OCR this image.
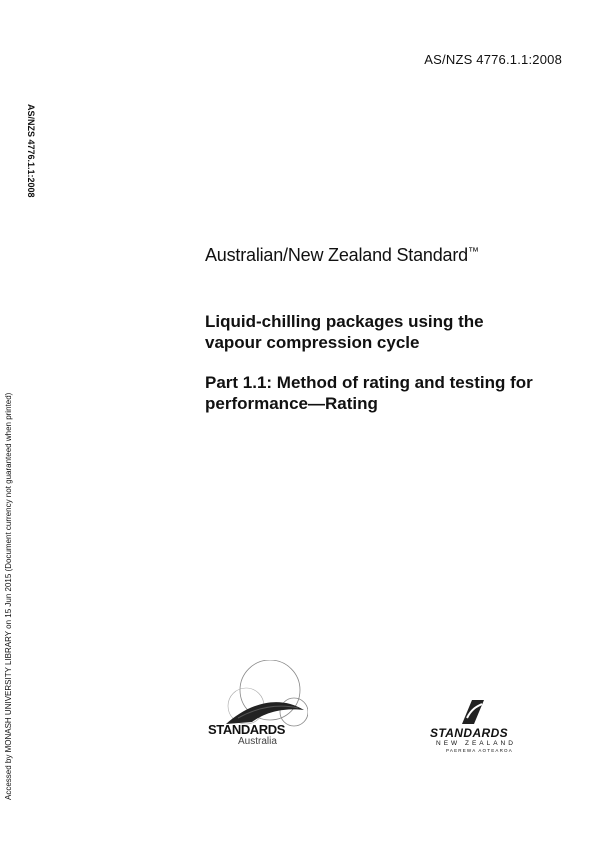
AS/NZS 4776.1.1:2008
AS/NZS 4776.1.1:2008
Accessed by MONASH UNIVERSITY LIBRARY on 15 Jun 2015 (Document currency not guaranteed when printed)
Australian/New Zealand Standard™
Liquid-chilling packages using the vapour compression cycle
Part 1.1: Method of rating and testing for performance—Rating
STANDARDS
Australia
STANDARDS
NEW ZEALAND
PAEREWA AOTEAROA
